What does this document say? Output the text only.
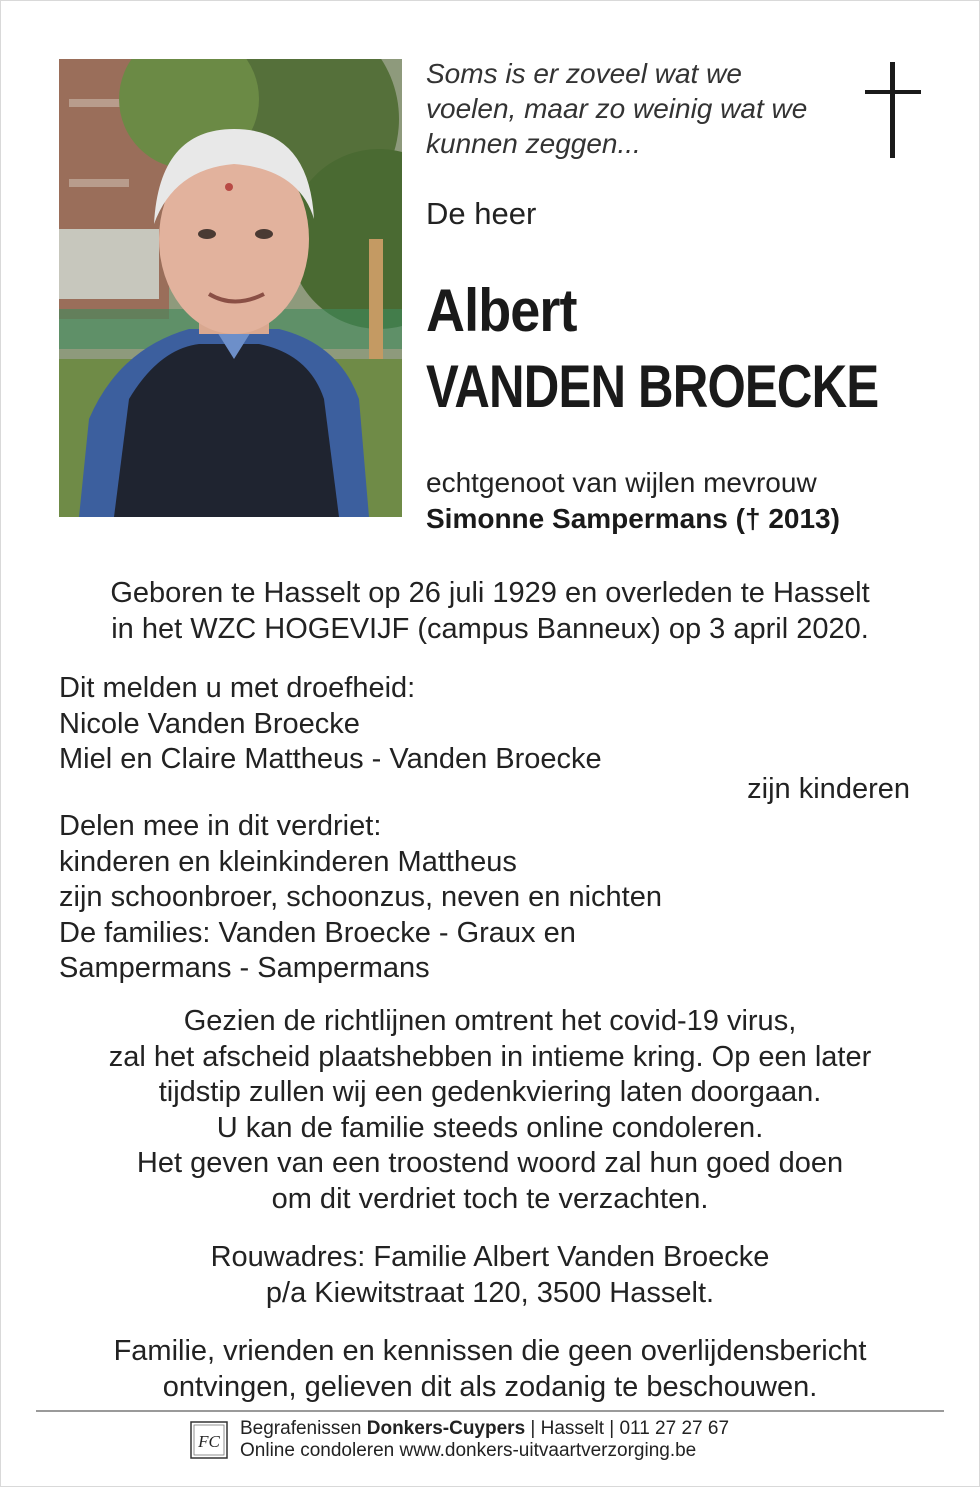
Soms is er zoveel wat we voelen, maar zo weinig wat we kunnen zeggen...
De heer
Albert
VANDEN BROECKE
echtgenoot van wijlen mevrouw
Simonne Sampermans († 2013)
Geboren te Hasselt op 26 juli 1929 en overleden te Hasselt
in het WZC HOGEVIJF (campus Banneux) op 3 april 2020.
Dit melden u met droefheid:
Nicole Vanden Broecke
Miel en Claire Mattheus - Vanden Broecke
zijn kinderen
Delen mee in dit verdriet:
kinderen en kleinkinderen Mattheus
zijn schoonbroer, schoonzus, neven en nichten
De families: Vanden Broecke - Graux en
Sampermans - Sampermans
Gezien de richtlijnen omtrent het covid-19 virus,
zal het afscheid plaatshebben in intieme kring. Op een later
tijdstip zullen wij een gedenkviering laten doorgaan.
U kan de familie steeds online condoleren.
Het geven van een troostend woord zal hun goed doen
om dit verdriet toch te verzachten.
Rouwadres: Familie Albert Vanden Broecke
p/a Kiewitstraat 120, 3500 Hasselt.
Familie, vrienden en kennissen die geen overlijdensbericht
ontvingen, gelieven dit als zodanig te beschouwen.
FC
Begrafenissen Donkers-Cuypers | Hasselt | 011 27 27 67
Online condoleren www.donkers-uitvaartverzorging.be
